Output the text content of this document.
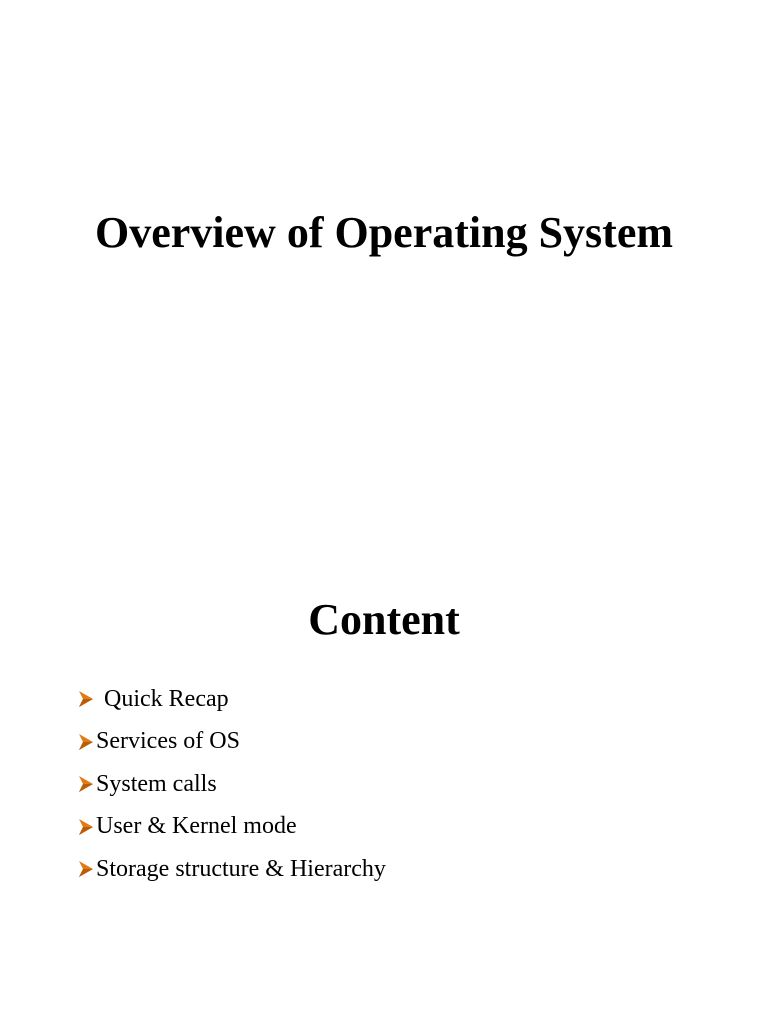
Overview of Operating System
Content
Quick Recap
Services of OS
System calls
User & Kernel mode
Storage structure & Hierarchy
